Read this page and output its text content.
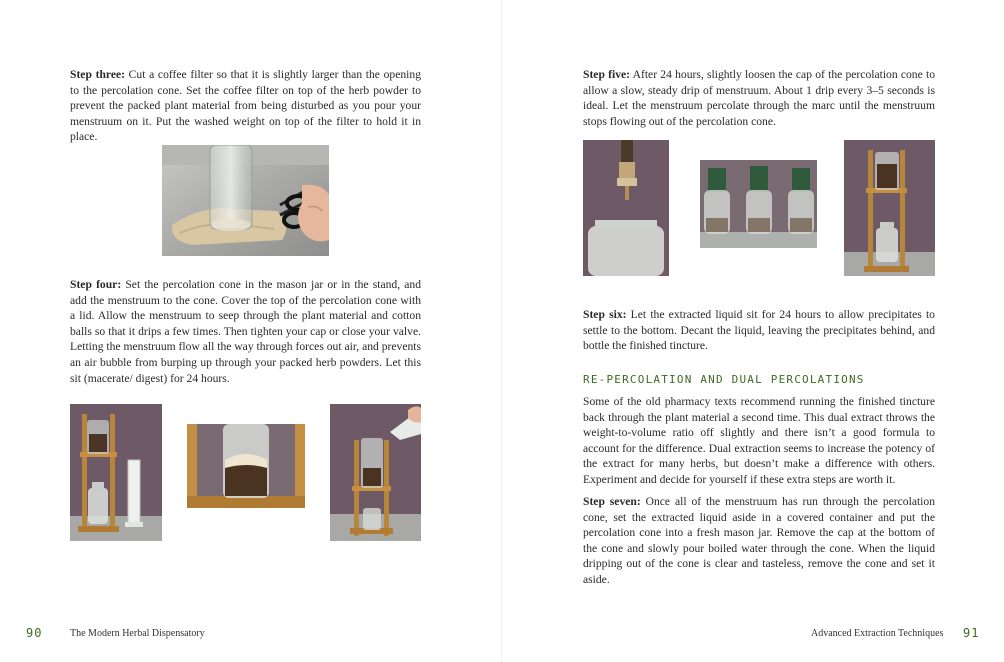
Step three: Cut a coffee filter so that it is slightly larger than the opening to the percolation cone. Set the coffee filter on top of the herb powder to prevent the packed plant material from being disturbed as you pour your menstruum on it. Put the washed weight on top of the filter to hold it in place.

Step four: Set the percolation cone in the mason jar or in the stand, and add the menstruum to the cone. Cover the top of the percolation cone with a lid. Allow the menstruum to seep through the plant material and cotton balls so that it drips a few times. Then tighten your cap or close your valve. Letting the menstruum flow all the way through forces out air, and prevents an air bubble from burping up through your packed herb powders. Let this sit (macerate/ digest) for 24 hours.

90	The Modern Herbal Dispensatory

Step five: After 24 hours, slightly loosen the cap of the percolation cone to allow a slow, steady drip of menstruum. About 1 drip every 3–5 seconds is ideal. Let the menstruum percolate through the marc until the menstruum stops flowing out of the percolation cone.

Step six: Let the extracted liquid sit for 24 hours to allow precipitates to settle to the bottom. Decant the liquid, leaving the precipitates behind, and bottle the finished tincture.

RE-PERCOLATION AND DUAL PERCOLATIONS

Some of the old pharmacy texts recommend running the finished tincture back through the plant material a second time. This dual extract throws the weight-to-volume ratio off slightly and there isn’t a good formula to account for the difference. Dual extraction seems to increase the potency of the extract for many herbs, but doesn’t make a difference with others. Experiment and decide for yourself if these extra steps are worth it.

Step seven: Once all of the menstruum has run through the percolation cone, set the extracted liquid aside in a covered container and put the percolation cone into a fresh mason jar. Remove the cap at the bottom of the cone and slowly pour boiled water through the cone. When the liquid dripping out of the cone is clear and tasteless, remove the cone and set it aside.

Advanced Extraction Techniques 91
